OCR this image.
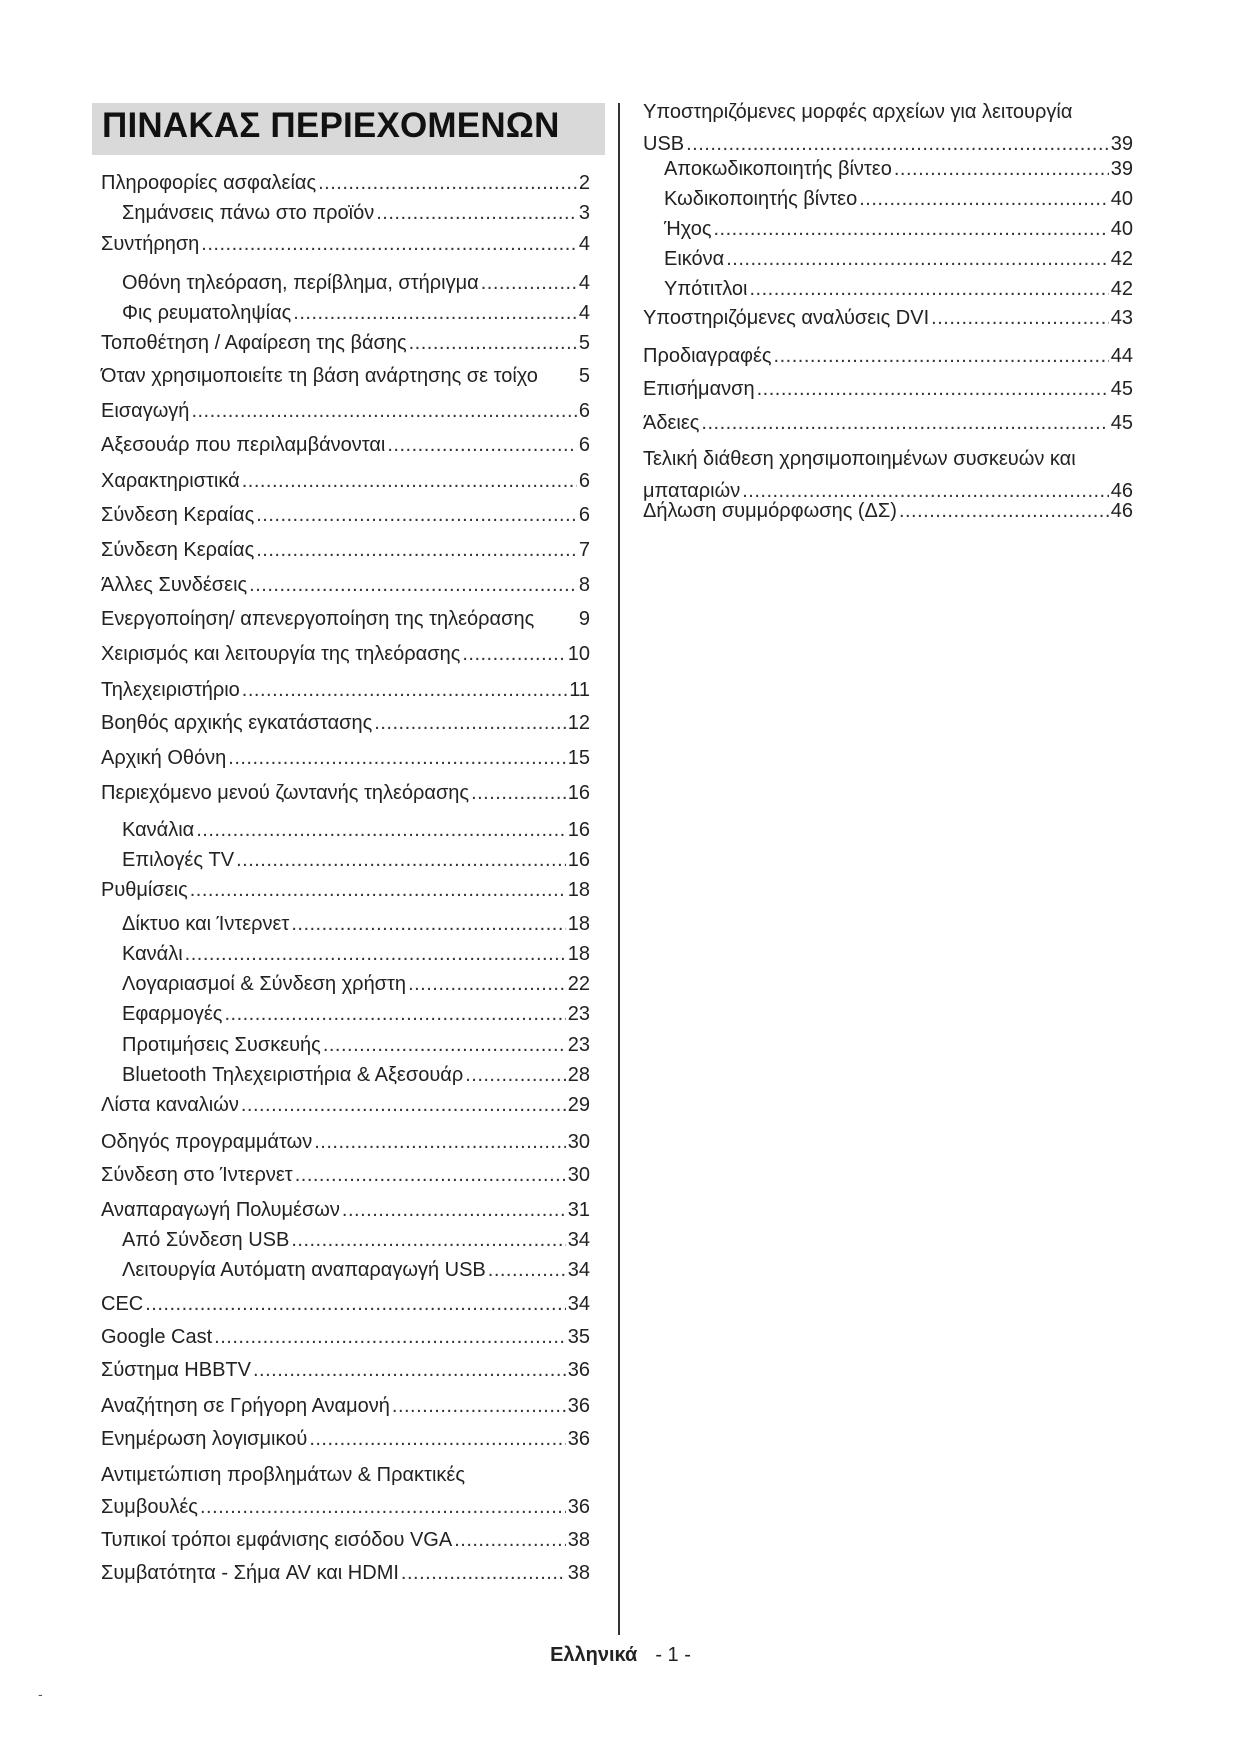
ΠΙΝΑΚΑΣ ΠΕΡΙΕΧΟΜΕΝΩΝ
Πληροφορίες ασφαλείας .....	2
Σημάνσεις πάνω στο προϊόν .....	3
Συντήρηση .....	4
Οθόνη τηλεόραση, περίβλημα, στήριγμα .....	4
Φις ρευματοληψίας .....	4
Τοποθέτηση / Αφαίρεση της βάσης .....	5
Όταν χρησιμοποιείτε τη βάση ανάρτησης σε τοίχο	5
Εισαγωγή .....	6
Αξεσουάρ που περιλαμβάνονται .....	6
Χαρακτηριστικά .....	6
Σύνδεση Κεραίας .....	6
Σύνδεση Κεραίας .....	7
Άλλες Συνδέσεις .....	8
Ενεργοποίηση/ απενεργοποίηση της τηλεόρασης	9
Χειρισμός και λειτουργία της τηλεόρασης .....	10
Τηλεχειριστήριο .....	11
Βοηθός αρχικής εγκατάστασης .....	12
Αρχική Οθόνη .....	15
Περιεχόμενο μενού ζωντανής τηλεόρασης .....	16
Κανάλια .....	16
Επιλογές TV .....	16
Ρυθμίσεις .....	18
Δίκτυο και Ίντερνετ .....	18
Κανάλι .....	18
Λογαριασμοί & Σύνδεση χρήστη .....	22
Εφαρμογές .....	23
Προτιμήσεις Συσκευής .....	23
Bluetooth Τηλεχειριστήρια & Αξεσουάρ .....	28
Λίστα καναλιών .....	29
Οδηγός προγραμμάτων .....	30
Σύνδεση στο Ίντερνετ .....	30
Αναπαραγωγή Πολυμέσων .....	31
Από Σύνδεση USB .....	34
Λειτουργία Αυτόματη αναπαραγωγή USB .....	34
CEC .....	34
Google Cast .....	35
Σύστημα HBBTV .....	36
Αναζήτηση σε Γρήγορη Αναμονή .....	36
Ενημέρωση λογισμικού .....	36
Αντιμετώπιση προβλημάτων & Πρακτικές
Συμβουλές .....	36
Τυπικοί τρόποι εμφάνισης εισόδου VGA .....	38
Συμβατότητα - Σήμα AV και HDMI .....	38
Υποστηριζόμενες μορφές αρχείων για λειτουργία
USB .....	39
Αποκωδικοποιητής βίντεο .....	39
Κωδικοποιητής βίντεο .....	40
Ήχος .....	40
Εικόνα .....	42
Υπότιτλοι .....	42
Υποστηριζόμενες αναλύσεις DVI .....	43
Προδιαγραφές .....	44
Επισήμανση .....	45
Άδειες .....	45
Τελική διάθεση χρησιμοποιημένων συσκευών και
μπαταριών .....	46
Δήλωση συμμόρφωσης (ΔΣ) .....	46
Ελληνικά - 1 -
-
